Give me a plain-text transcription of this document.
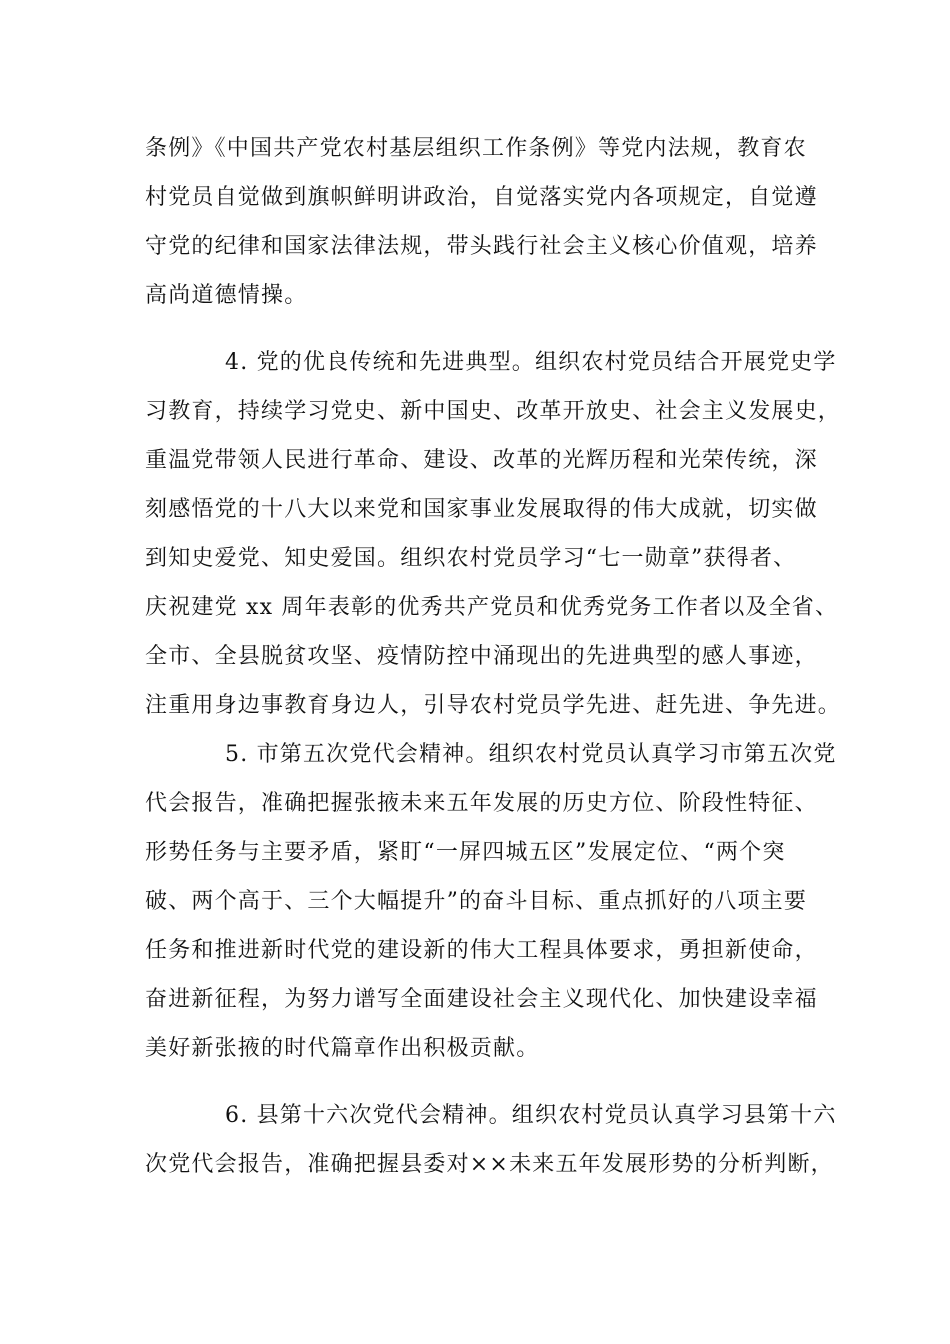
条例》《中国共产党农村基层组织工作条例》等党内法规，教育农
村党员自觉做到旗帜鲜明讲政治，自觉落实党内各项规定，自觉遵
守党的纪律和国家法律法规，带头践行社会主义核心价值观，培养
高尚道德情操。
4. 党的优良传统和先进典型。组织农村党员结合开展党史学
习教育，持续学习党史、新中国史、改革开放史、社会主义发展史，
重温党带领人民进行革命、建设、改革的光辉历程和光荣传统，深
刻感悟党的十八大以来党和国家事业发展取得的伟大成就，切实做
到知史爱党、知史爱国。组织农村党员学习“七一勋章”获得者、
庆祝建党 xx 周年表彰的优秀共产党员和优秀党务工作者以及全省、
全市、全县脱贫攻坚、疫情防控中涌现出的先进典型的感人事迹，
注重用身边事教育身边人，引导农村党员学先进、赶先进、争先进。
5. 市第五次党代会精神。组织农村党员认真学习市第五次党
代会报告，准确把握张掖未来五年发展的历史方位、阶段性特征、
形势任务与主要矛盾，紧盯“一屏四城五区”发展定位、“两个突
破、两个高于、三个大幅提升”的奋斗目标、重点抓好的八项主要
任务和推进新时代党的建设新的伟大工程具体要求，勇担新使命，
奋进新征程，为努力谱写全面建设社会主义现代化、加快建设幸福
美好新张掖的时代篇章作出积极贡献。
6. 县第十六次党代会精神。组织农村党员认真学习县第十六
次党代会报告，准确把握县委对××未来五年发展形势的分析判断，
